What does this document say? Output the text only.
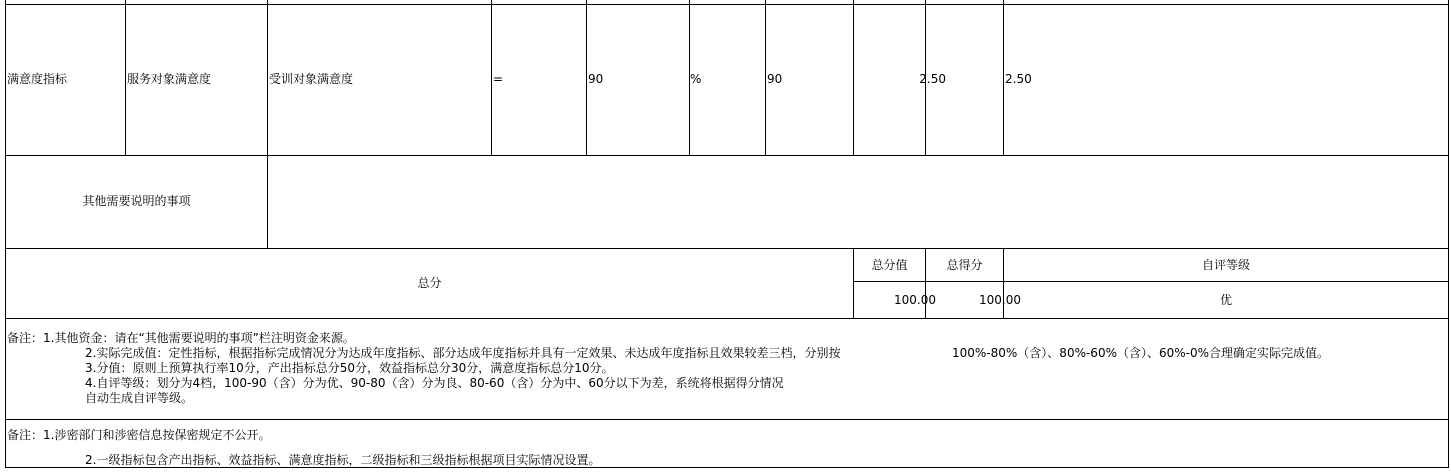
满意度指标	服务对象满意度	受训对象满意度	=	90	%	90	2.50	2.50
其他需要说明的事项
总分
总分值	总得分	自评等级
100.00	100.00	优
备注：1.其他资金：请在“其他需要说明的事项”栏注明资金来源。
2.实际完成值：定性指标，根据指标完成情况分为达成年度指标、部分达成年度指标并具有一定效果、未达成年度指标且效果较差三档，分别按	100%-80%（含）、80%-60%（含）、60%-0%合理确定实际完成值。
3.分值：原则上预算执行率10分，产出指标总分50分，效益指标总分30分，满意度指标总分10分。
4.自评等级：划分为4档，100-90（含）分为优、90-80（含）分为良、80-60（含）分为中、60分以下为差，系统将根据得分情况
自动生成自评等级。
备注：1.涉密部门和涉密信息按保密规定不公开。
2.一级指标包含产出指标、效益指标、满意度指标，二级指标和三级指标根据项目实际情况设置。
